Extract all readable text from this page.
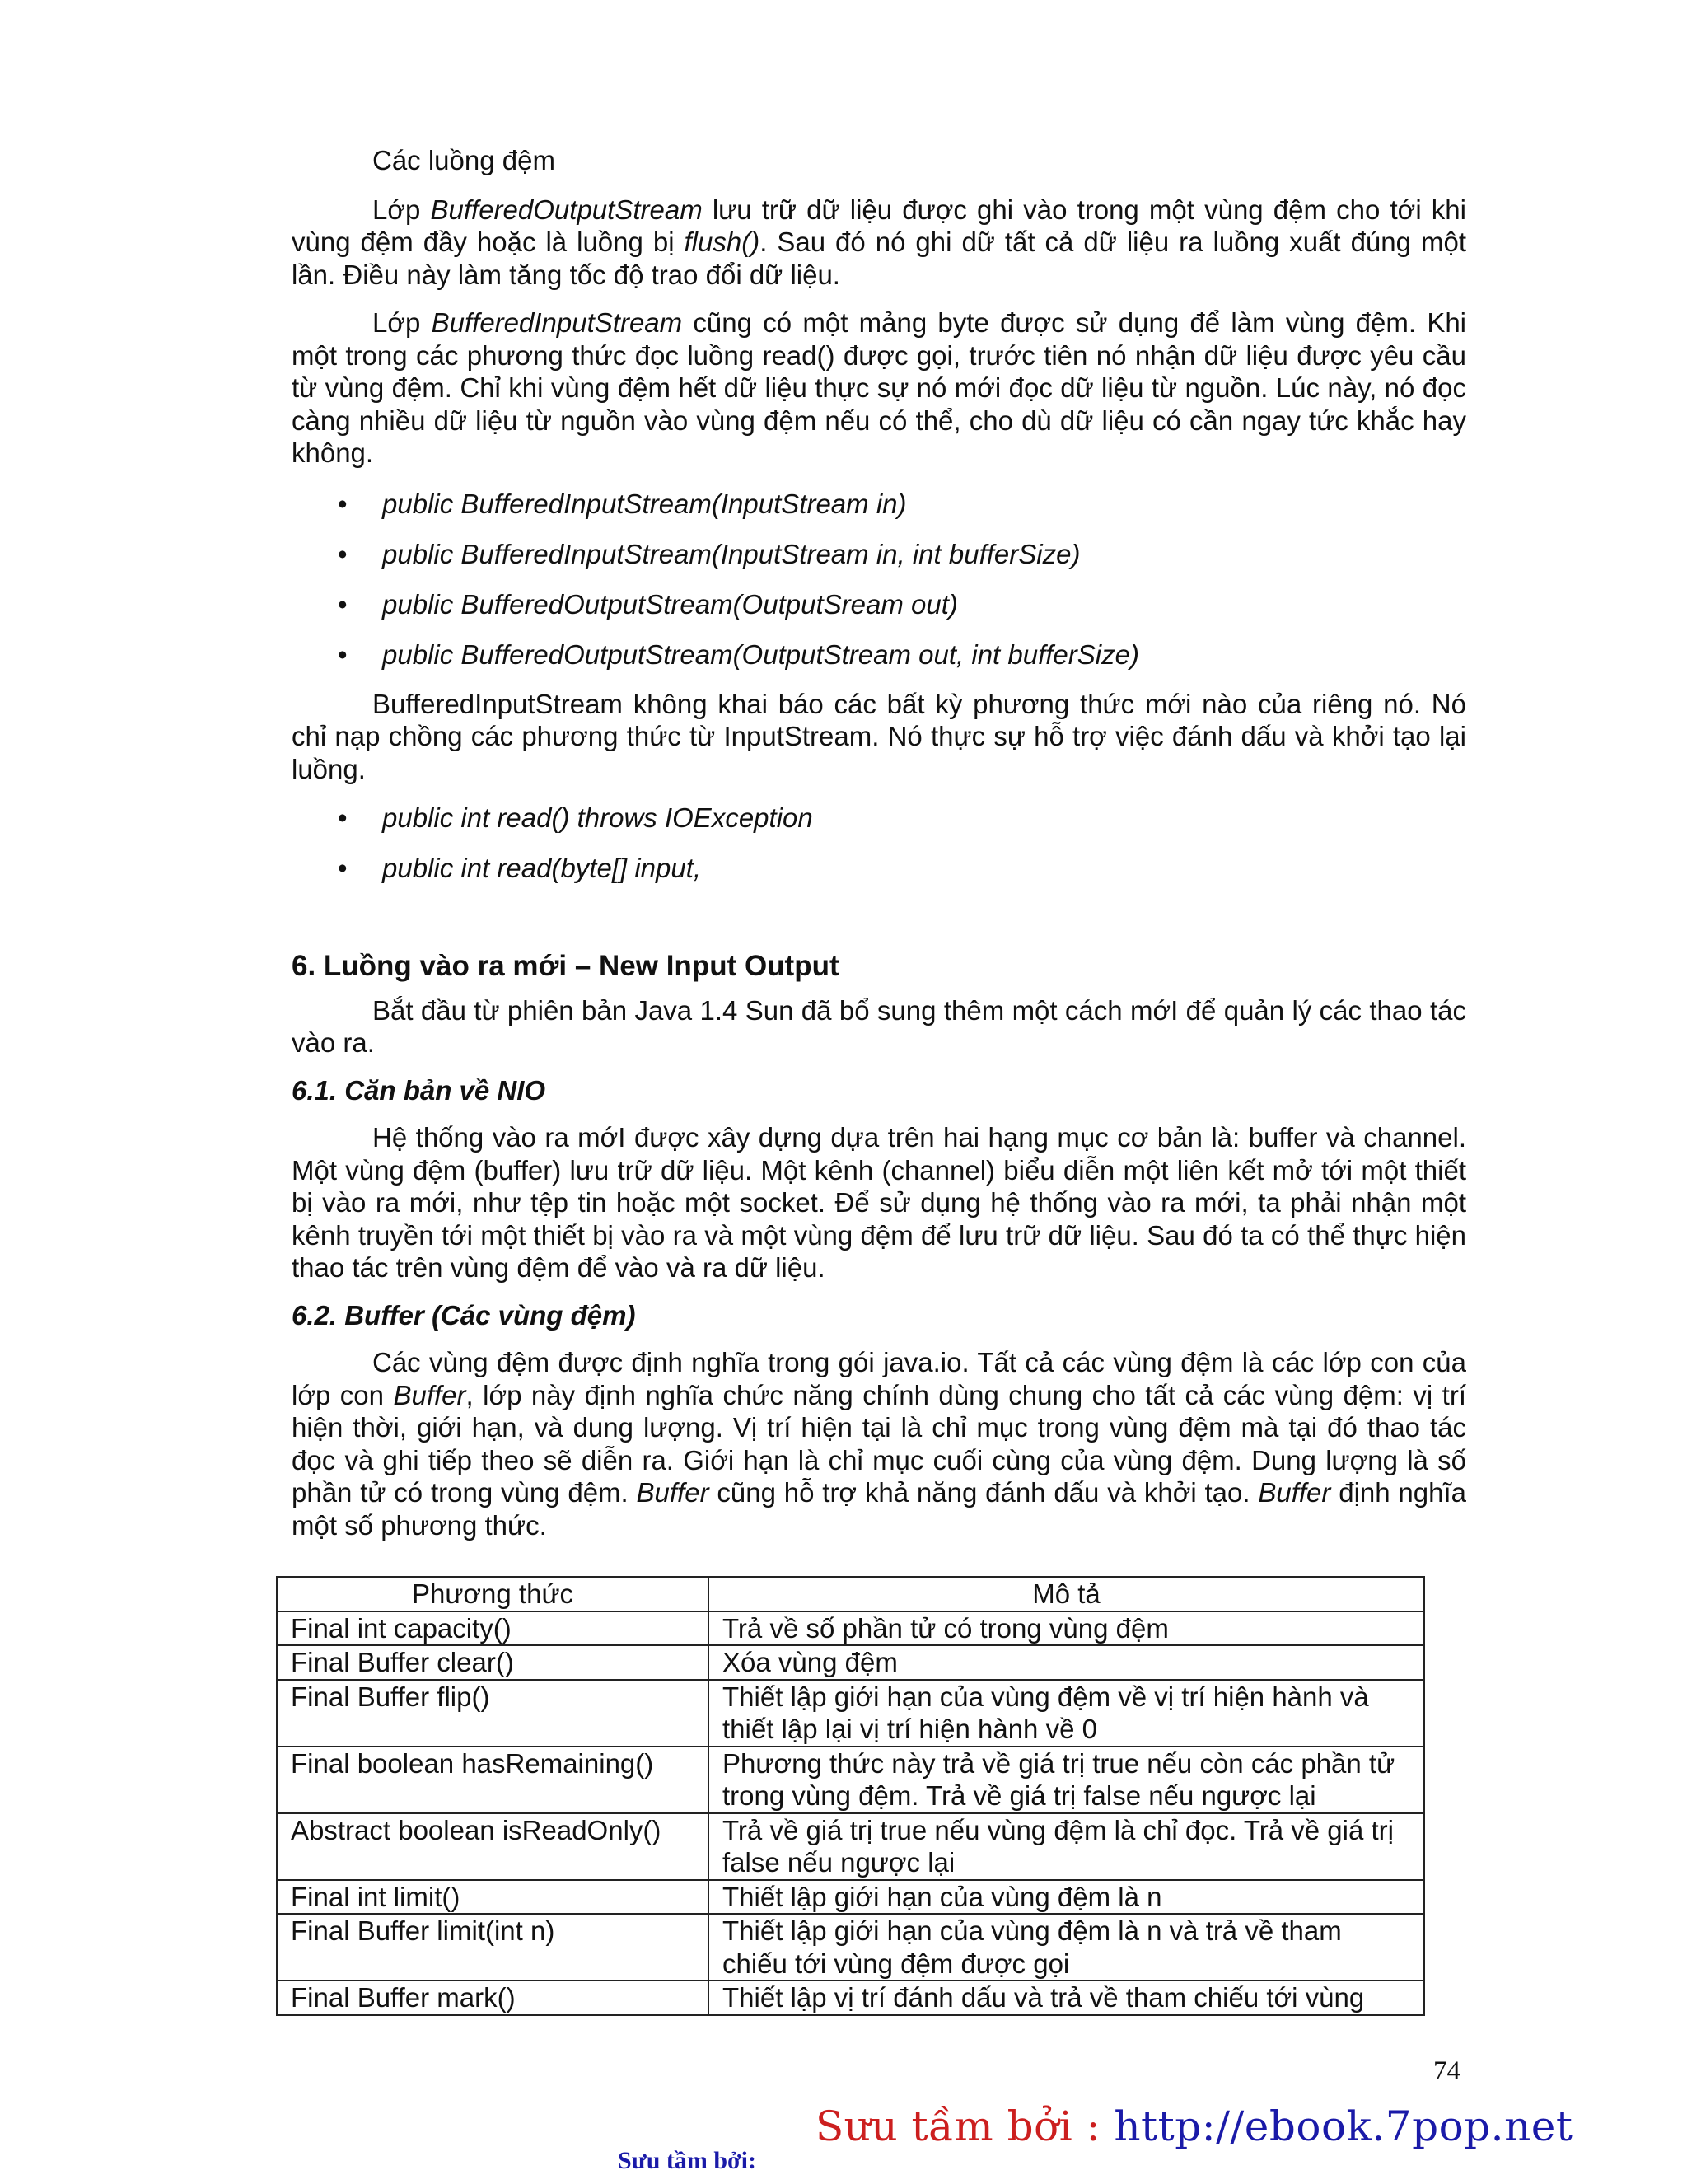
Các luồng đệm

Lớp BufferedOutputStream lưu trữ dữ liệu được ghi vào trong một vùng đệm cho tới khi vùng đệm đầy hoặc là luồng bị flush(). Sau đó nó ghi dữ tất cả dữ liệu ra luồng xuất đúng một lần. Điều này làm tăng tốc độ trao đổi dữ liệu.

Lớp BufferedInputStream cũng có một mảng byte được sử dụng để làm vùng đệm. Khi một trong các phương thức đọc luồng read() được gọi, trước tiên nó nhận dữ liệu được yêu cầu từ vùng đệm. Chỉ khi vùng đệm hết dữ liệu thực sự nó mới đọc dữ liệu từ nguồn. Lúc này, nó đọc càng nhiều dữ liệu từ nguồn vào vùng đệm nếu có thể, cho dù dữ liệu có cần ngay tức khắc hay không.

• public BufferedInputStream(InputStream in)
• public BufferedInputStream(InputStream in, int bufferSize)
• public BufferedOutputStream(OutputSream out)
• public BufferedOutputStream(OutputStream out, int bufferSize)

BufferedInputStream không khai báo các bất kỳ phương thức mới nào của riêng nó. Nó chỉ nạp chồng các phương thức từ InputStream. Nó thực sự hỗ trợ việc đánh dấu và khởi tạo lại luồng.

• public int read() throws IOException
• public int read(byte[] input,

6. Luồng vào ra mới – New Input Output

Bắt đầu từ phiên bản Java 1.4 Sun đã bổ sung thêm một cách mớI để quản lý các thao tác vào ra.

6.1. Căn bản về NIO

Hệ thống vào ra mớI được xây dựng dựa trên hai hạng mục cơ bản là: buffer và channel. Một vùng đệm (buffer) lưu trữ dữ liệu. Một kênh (channel) biểu diễn một liên kết mở tới một thiết bị vào ra mới, như tệp tin hoặc một socket. Để sử dụng hệ thống vào ra mới, ta phải nhận một kênh truyền tới một thiết bị vào ra và một vùng đệm để lưu trữ dữ liệu. Sau đó ta có thể thực hiện thao tác trên vùng đệm để vào và ra dữ liệu.

6.2. Buffer (Các vùng đệm)

Các vùng đệm được định nghĩa trong gói java.io. Tất cả các vùng đệm là các lớp con của lớp con Buffer, lớp này định nghĩa chức năng chính dùng chung cho tất cả các vùng đệm: vị trí hiện thời, giới hạn, và dung lượng. Vị trí hiện tại là chỉ mục trong vùng đệm mà tại đó thao tác đọc và ghi tiếp theo sẽ diễn ra. Giới hạn là chỉ mục cuối cùng của vùng đệm. Dung lượng là số phần tử có trong vùng đệm. Buffer cũng hỗ trợ khả năng đánh dấu và khởi tạo. Buffer định nghĩa một số phương thức.

Phương thức	Mô tả
Final int capacity()	Trả về số phần tử có trong vùng đệm
Final Buffer clear()	Xóa vùng đệm
Final Buffer flip()	Thiết lập giới hạn của vùng đệm về vị trí hiện hành và thiết lập lại vị trí hiện hành về 0
Final boolean hasRemaining()	Phương thức này trả về giá trị true nếu còn các phần tử trong vùng đệm. Trả về giá trị false nếu ngược lại
Abstract boolean isReadOnly()	Trả về giá trị true nếu vùng đệm là chỉ đọc. Trả về giá trị false nếu ngược lại
Final int limit()	Thiết lập giới hạn của vùng đệm là n
Final Buffer limit(int n)	Thiết lập giới hạn của vùng đệm là n và trả về tham chiếu tới vùng đệm được gọi
Final Buffer mark()	Thiết lập vị trí đánh dấu và trả về tham chiếu tới vùng
74
Sưu tầm bởi : http://ebook.7pop.net
Sưu tầm bởi:
